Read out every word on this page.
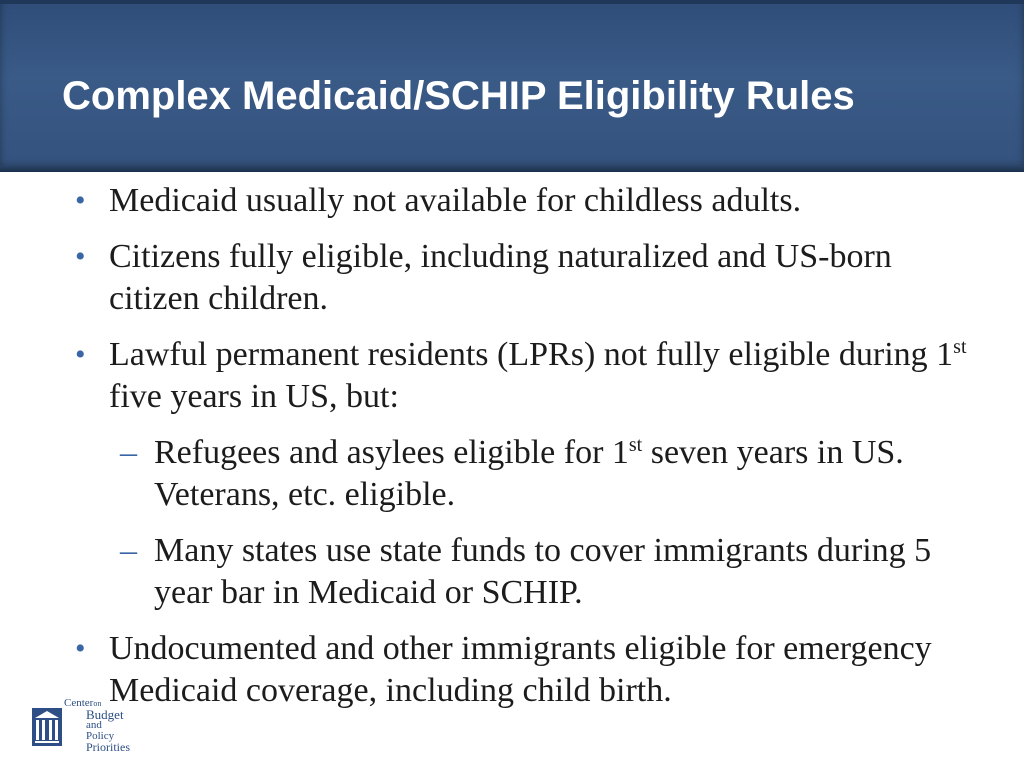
Complex Medicaid/SCHIP Eligibility Rules
• Medicaid usually not available for childless adults.
• Citizens fully eligible, including naturalized and US-born citizen children.
• Lawful permanent residents (LPRs) not fully eligible during 1st five years in US, but:
– Refugees and asylees eligible for 1st seven years in US. Veterans, etc. eligible.
– Many states use state funds to cover immigrants during 5 year bar in Medicaid or SCHIP.
• Undocumented and other immigrants eligible for emergency Medicaid coverage, including child birth.
Centeron
Budget
and Policy
Priorities
